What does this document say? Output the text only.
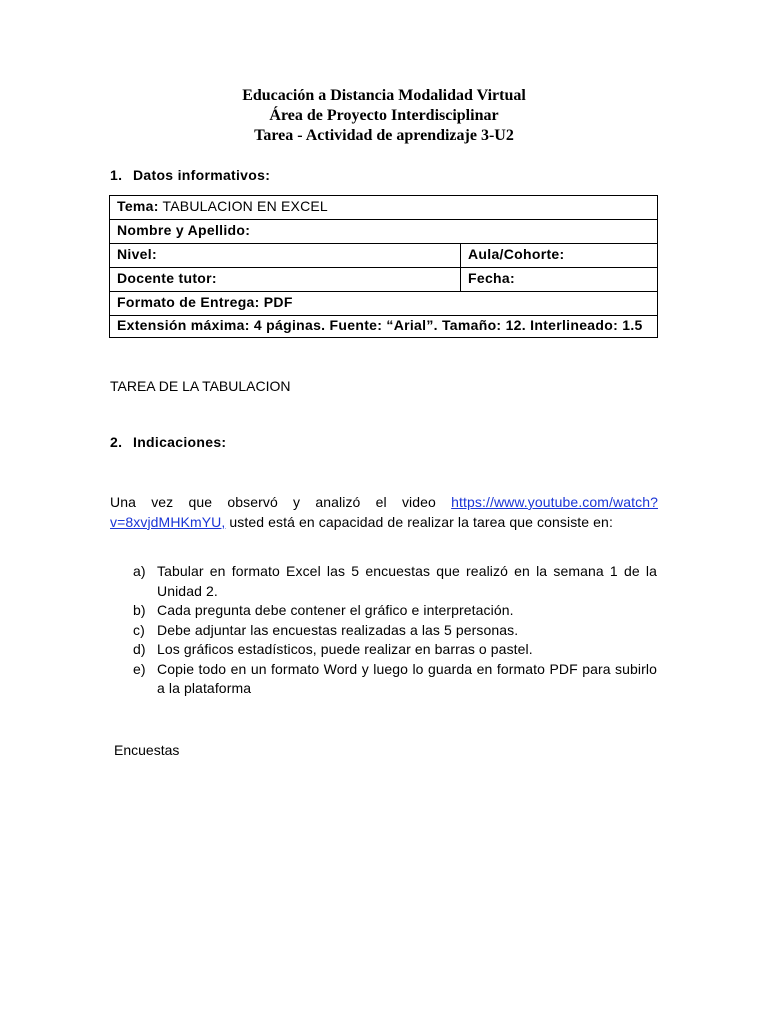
Educación a Distancia Modalidad Virtual
Área de Proyecto Interdisciplinar
Tarea - Actividad de aprendizaje 3-U2
1. Datos informativos:
Tema: TABULACION EN EXCEL	
Nombre y Apellido:	
Nivel:	Aula/Cohorte:
Docente tutor:	Fecha:
Formato de Entrega: PDF	
Extensión máxima: 4 páginas. Fuente: “Arial”. Tamaño: 12. Interlineado: 1.5	
TAREA DE LA TABULACION
2. Indicaciones:
Una vez que observó y analizó el video https://www.youtube.com/watch?v=8xvjdMHKmYU, usted está en capacidad de realizar la tarea que consiste en:
a) Tabular en formato Excel las 5 encuestas que realizó en la semana 1 de la Unidad 2.
b) Cada pregunta debe contener el gráfico e interpretación.
c) Debe adjuntar las encuestas realizadas a las 5 personas.
d) Los gráficos estadísticos, puede realizar en barras o pastel.
e) Copie todo en un formato Word y luego lo guarda en formato PDF para subirlo a la plataforma
Encuestas
